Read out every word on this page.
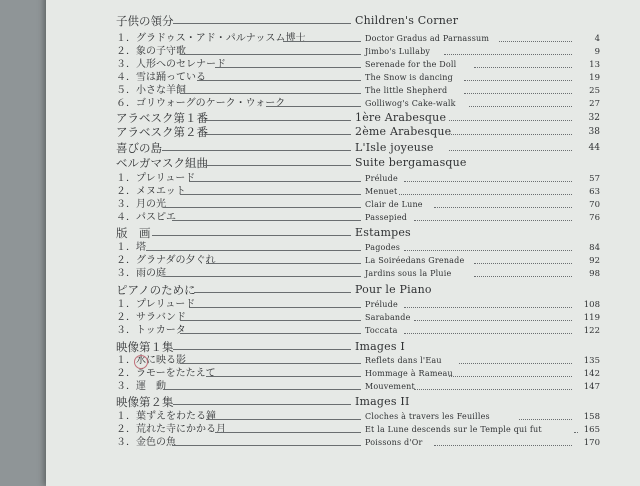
子供の領分	Children's Corner
１．グラドゥス・アド・パルナッスム博士	Doctor Gradus ad Parnassum	4
２．象の子守歌	Jimbo's Lullaby	9
３．人形へのセレナード	Serenade for the Doll	13
４．雪は踊っている	The Snow is dancing	19
５．小さな羊飼	The little Shepherd	25
６．ゴリウォーグのケーク・ウォーク	Golliwog's Cake-walk	27
アラベスク第１番	1ère Arabesque	32
アラベスク第２番	2ème Arabesque	38
喜びの島	L'Isle joyeuse	44
ベルガマスク組曲	Suite bergamasque
１．プレリュード	Prélude	57
２．メヌエット	Menuet	63
３．月の光	Clair de Lune	70
４．パスピエ	Passepied	76
版　画	Estampes
１．塔	Pagodes	84
２．グラナダの夕ぐれ	La Soiréedans Grenade	92
３．雨の庭	Jardins sous la Pluie	98
ピアノのために	Pour le Piano
１．プレリュード	Prélude	108
２．サラバンド	Sarabande	119
３．トッカータ	Toccata	122
映像第１集	Images I
１．水に映る影	Reflets dans l'Eau	135
２．ラモーをたたえて	Hommage à Rameau	142
３．運　動	Mouvement	147
映像第２集	Images II
１．葉ずえをわたる鐘	Cloches à travers les Feuilles	158
２．荒れた寺にかかる月	Et la Lune descends sur le Temple qui fut	165
３．金色の魚	Poissons d'Or	170
